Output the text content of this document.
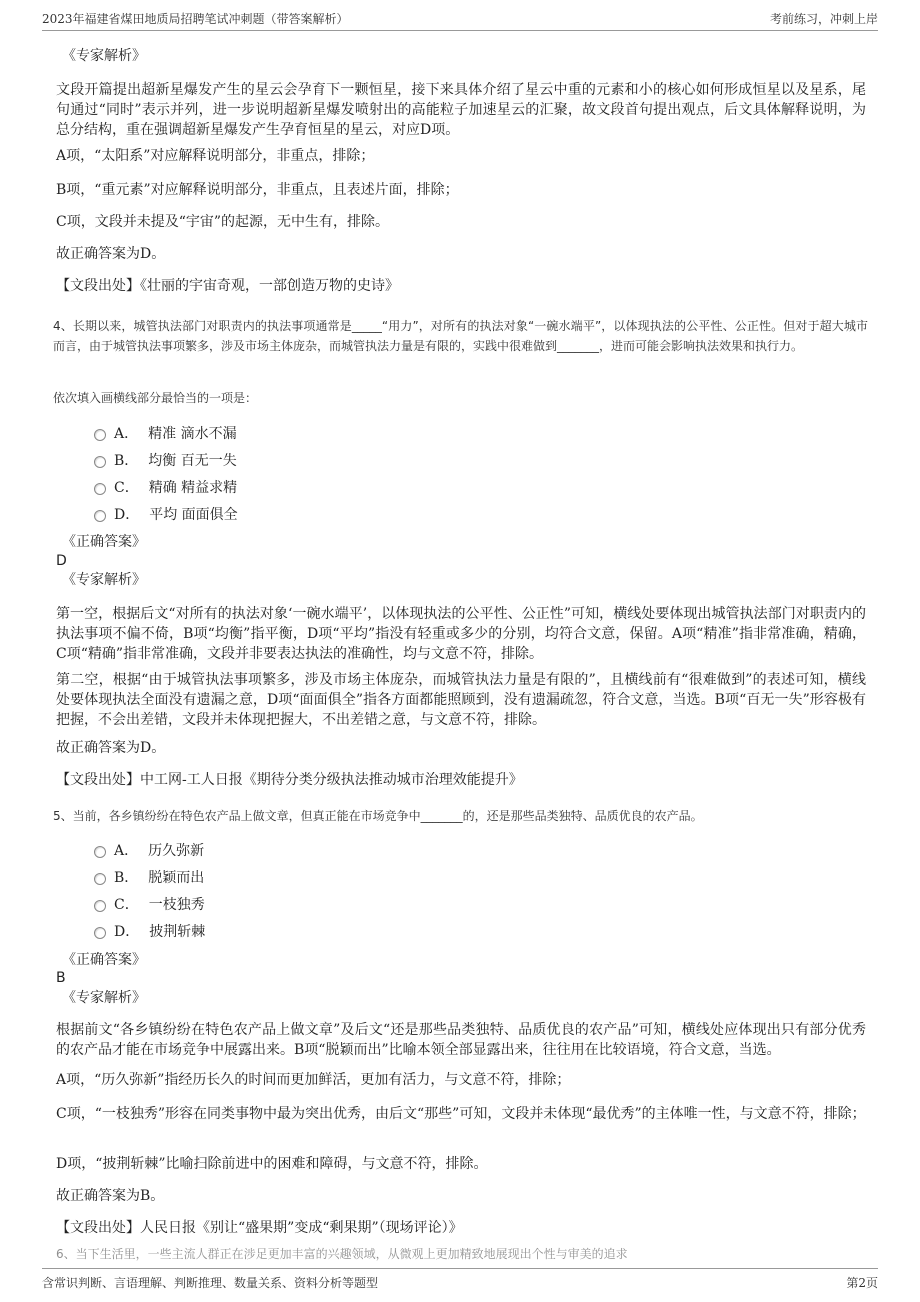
2023年福建省煤田地质局招聘笔试冲刺题（带答案解析）	考前练习，冲刺上岸
《专家解析》
文段开篇提出超新星爆发产生的星云会孕育下一颗恒星，接下来具体介绍了星云中重的元素和小的核心如何形成恒星以及星系，尾句通过“同时”表示并列，进一步说明超新星爆发喷射出的高能粒子加速星云的汇聚，故文段首句提出观点，后文具体解释说明，为总分结构，重在强调超新星爆发产生孕育恒星的星云，对应D项。
A项，“太阳系”对应解释说明部分，非重点，排除；
B项，“重元素”对应解释说明部分，非重点，且表述片面，排除；
C项，文段并未提及“宇宙”的起源，无中生有，排除。
故正确答案为D。
【文段出处】《壮丽的宇宙奇观，一部创造万物的史诗》
4、长期以来，城管执法部门对职责内的执法事项通常是_____“用力”，对所有的执法对象“一碗水端平”，以体现执法的公平性、公正性。但对于超大城市而言，由于城管执法事项繁多，涉及市场主体庞杂，而城管执法力量是有限的，实践中很难做到_______，进而可能会影响执法效果和执行力。
依次填入画横线部分最恰当的一项是：
A． 精准 滴水不漏
B． 均衡 百无一失
C． 精确 精益求精
D． 平均 面面俱全
《正确答案》
D
《专家解析》
第一空，根据后文“对所有的执法对象‘一碗水端平’，以体现执法的公平性、公正性”可知，横线处要体现出城管执法部门对职责内的执法事项不偏不倚，B项“均衡”指平衡，D项“平均”指没有轻重或多少的分别，均符合文意，保留。A项“精准”指非常准确，精确，C项“精确”指非常准确，文段并非要表达执法的准确性，均与文意不符，排除。
第二空，根据“由于城管执法事项繁多，涉及市场主体庞杂，而城管执法力量是有限的”，且横线前有“很难做到”的表述可知，横线处要体现执法全面没有遗漏之意，D项“面面俱全”指各方面都能照顾到，没有遗漏疏忽，符合文意，当选。B项“百无一失”形容极有把握，不会出差错，文段并未体现把握大，不出差错之意，与文意不符，排除。
故正确答案为D。
【文段出处】中工网-工人日报《期待分类分级执法推动城市治理效能提升》
5、当前，各乡镇纷纷在特色农产品上做文章，但真正能在市场竞争中_______的，还是那些品类独特、品质优良的农产品。
A． 历久弥新
B． 脱颖而出
C． 一枝独秀
D． 披荆斩棘
《正确答案》
B
《专家解析》
根据前文“各乡镇纷纷在特色农产品上做文章”及后文“还是那些品类独特、品质优良的农产品”可知，横线处应体现出只有部分优秀的农产品才能在市场竞争中展露出来。B项“脱颖而出”比喻本领全部显露出来，往往用在比较语境，符合文意，当选。
A项，“历久弥新”指经历长久的时间而更加鲜活，更加有活力，与文意不符，排除；
C项，“一枝独秀”形容在同类事物中最为突出优秀，由后文“那些”可知，文段并未体现“最优秀”的主体唯一性，与文意不符，排除；
D项，“披荆斩棘”比喻扫除前进中的困难和障碍，与文意不符，排除。
故正确答案为B。
【文段出处】人民日报《别让“盛果期”变成“剩果期”（现场评论）》
6、当下生活里，一些主流人群正在涉足更加丰富的兴趣领域，从微观上更加精致地展现出个性与审美的追求
含常识判断、言语理解、判断推理、数量关系、资料分析等题型	第2页
